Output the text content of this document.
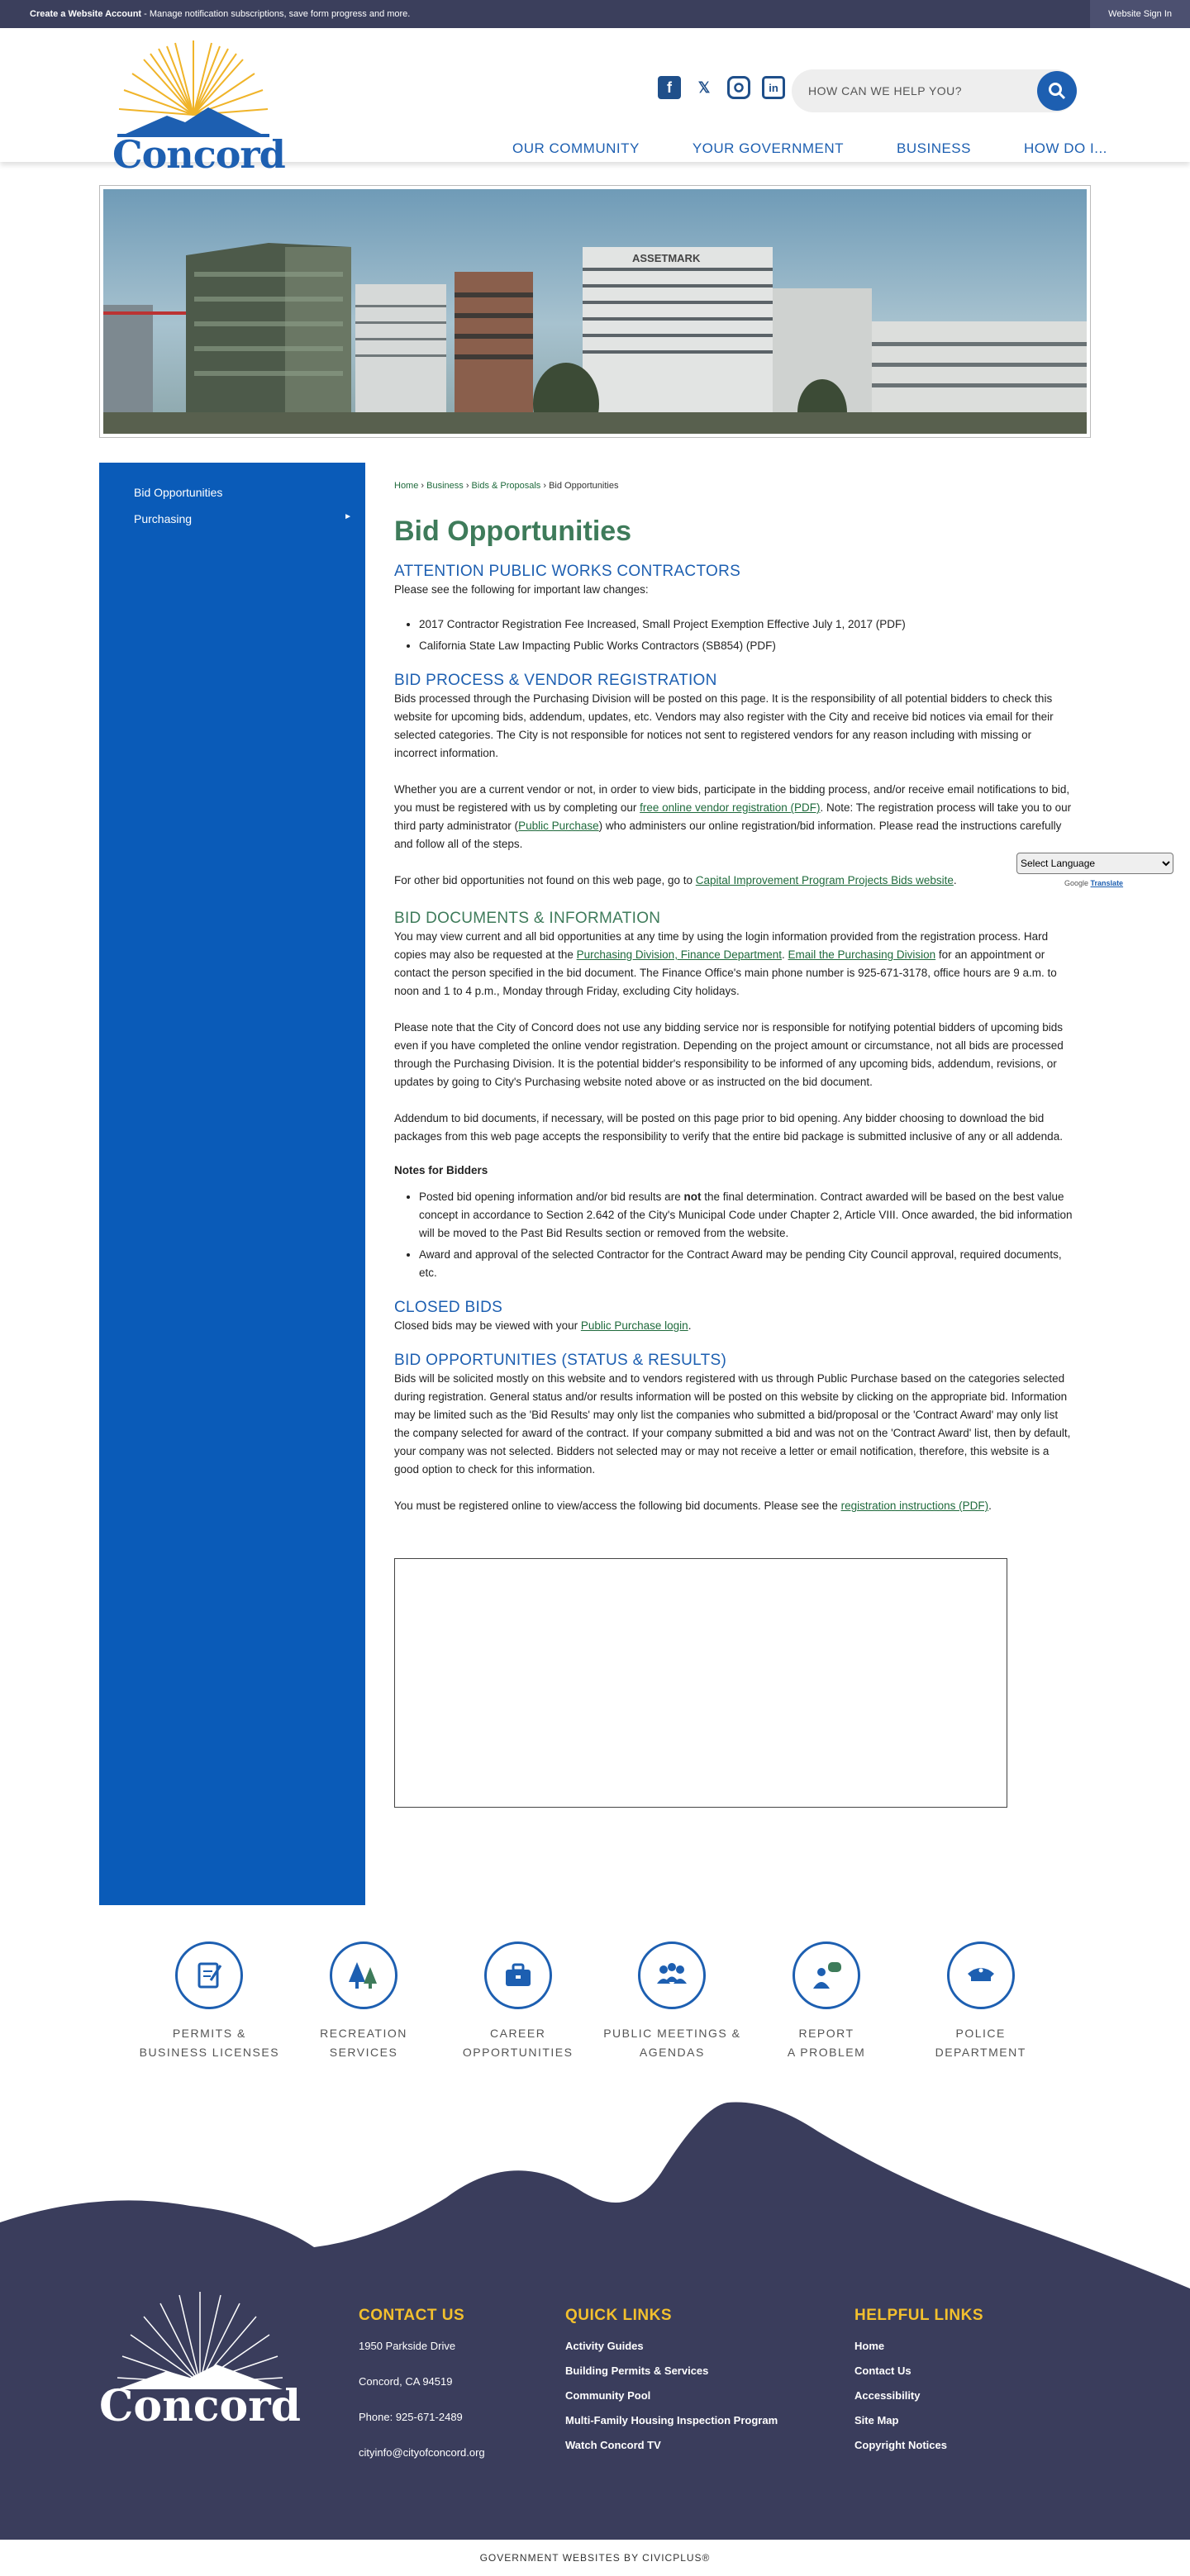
Create a Website Account - Manage notification subscriptions, save form progress and more.	Website Sign In
Concord
f	𝕏	in
HOW CAN WE HELP YOU?
OUR COMMUNITY	YOUR GOVERNMENT	BUSINESS	HOW DO I...
ASSETMARK
Bid Opportunities
Purchasing	►
Home › Business › Bids & Proposals › Bid Opportunities
Bid Opportunities
ATTENTION PUBLIC WORKS CONTRACTORS

Please see the following for important law changes:

• 2017 Contractor Registration Fee Increased, Small Project Exemption Effective July 1, 2017 (PDF)
• California State Law Impacting Public Works Contractors (SB854) (PDF)
BID PROCESS & VENDOR REGISTRATION

Bids processed through the Purchasing Division will be posted on this page. It is the responsibility of all potential bidders to check this website for upcoming bids, addendum, updates, etc. Vendors may also register with the City and receive bid notices via email for their selected categories. The City is not responsible for notices not sent to registered vendors for any reason including with missing or incorrect information.

Whether you are a current vendor or not, in order to view bids, participate in the bidding process, and/or receive email notifications to bid, you must be registered with us by completing our free online vendor registration (PDF). Note: The registration process will take you to our third party administrator (Public Purchase) who administers our online registration/bid information. Please read the instructions carefully and follow all of the steps.

For other bid opportunities not found on this web page, go to Capital Improvement Program Projects Bids website.

BID DOCUMENTS & INFORMATION

You may view current and all bid opportunities at any time by using the login information provided from the registration process. Hard copies may also be requested at the Purchasing Division, Finance Department. Email the Purchasing Division for an appointment or contact the person specified in the bid document. The Finance Office's main phone number is 925-671-3178, office hours are 9 a.m. to noon and 1 to 4 p.m., Monday through Friday, excluding City holidays.

Please note that the City of Concord does not use any bidding service nor is responsible for notifying potential bidders of upcoming bids even if you have completed the online vendor registration. Depending on the project amount or circumstance, not all bids are processed through the Purchasing Division. It is the potential bidder's responsibility to be informed of any upcoming bids, addendum, revisions, or updates by going to City's Purchasing website noted above or as instructed on the bid document.

Addendum to bid documents, if necessary, will be posted on this page prior to bid opening. Any bidder choosing to download the bid packages from this web page accepts the responsibility to verify that the entire bid package is submitted inclusive of any or all addenda.

Notes for Bidders
• Posted bid opening information and/or bid results are not the final determination. Contract awarded will be based on the best value concept in accordance to Section 2.642 of the City's Municipal Code under Chapter 2, Article VIII. Once awarded, the bid information will be moved to the Past Bid Results section or removed from the website.
• Award and approval of the selected Contractor for the Contract Award may be pending City Council approval, required documents, etc.
CLOSED BIDS

Closed bids may be viewed with your Public Purchase login.

BID OPPORTUNITIES (STATUS & RESULTS)

Bids will be solicited mostly on this website and to vendors registered with us through Public Purchase based on the categories selected during registration. General status and/or results information will be posted on this website by clicking on the appropriate bid. Information may be limited such as the 'Bid Results' may only list the companies who submitted a bid/proposal or the 'Contract Award' may only list the company selected for award of the contract. If your company submitted a bid and was not on the 'Contract Award' list, then by default, your company was not selected. Bidders not selected may or may not receive a letter or email notification, therefore, this website is a good option to check for this information.

You must be registered online to view/access the following bid documents. Please see the registration instructions (PDF).

Select Language
Google Translate
PERMITS &
BUSINESS LICENSES
RECREATION
SERVICES
CAREER
OPPORTUNITIES
PUBLIC MEETINGS &
AGENDAS
REPORT
A PROBLEM
POLICE
DEPARTMENT
Concord
CONTACT US
1950 Parkside Drive
Concord, CA 94519
Phone: 925-671-2489
cityinfo@cityofconcord.org
QUICK LINKS
Activity Guides
Building Permits & Services
Community Pool
Multi-Family Housing Inspection Program
Watch Concord TV
HELPFUL LINKS
Home
Contact Us
Accessibility
Site Map
Copyright Notices
GOVERNMENT WEBSITES BY CIVICPLUS®
